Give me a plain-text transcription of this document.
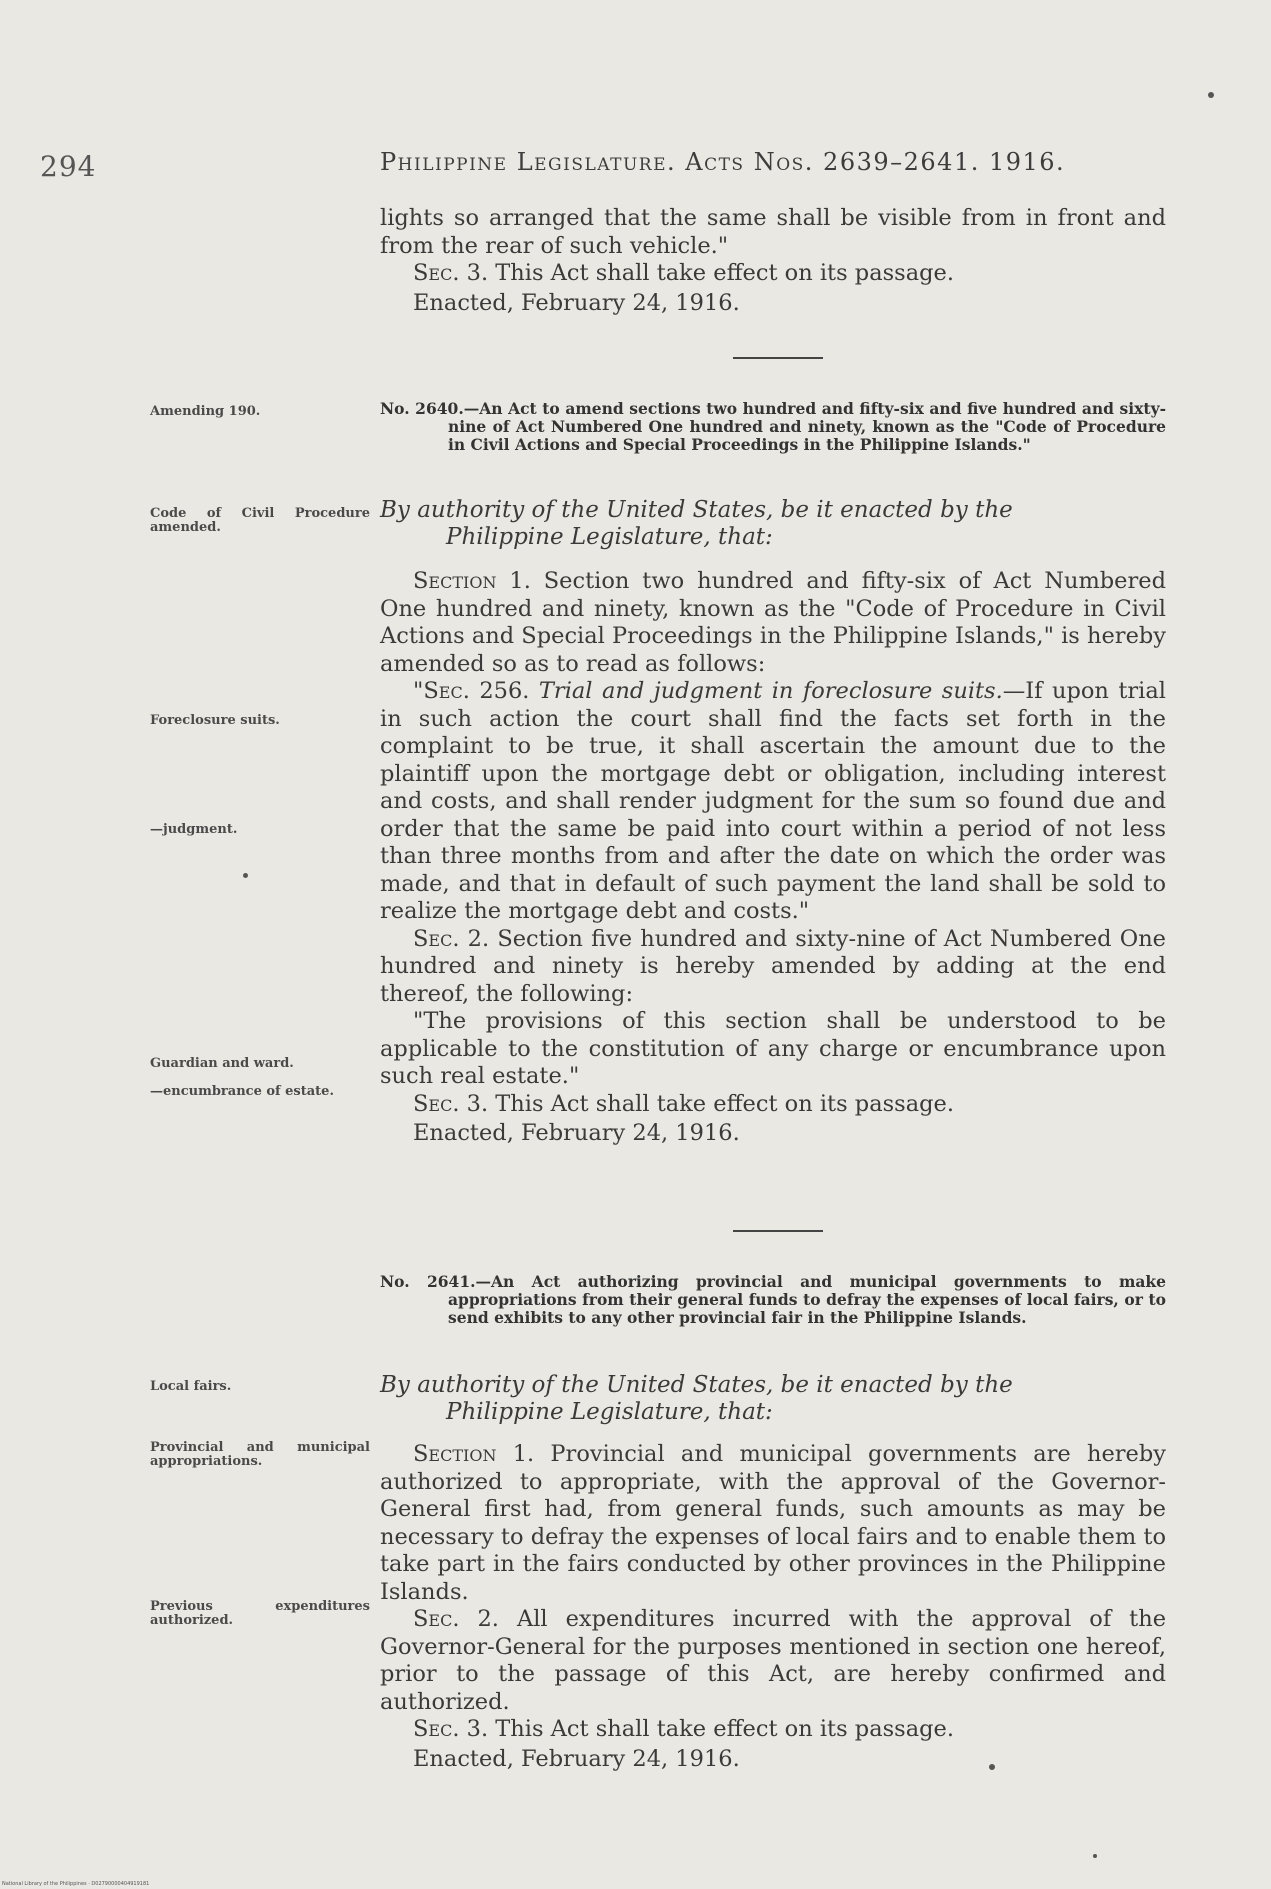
294	Philippine Legislature. Acts Nos. 2639–2641. 1916.

lights so arranged that the same shall be visible from in front and from the rear of such vehicle."

Sec. 3. This Act shall take effect on its passage.

Enacted, February 24, 1916.

Amending 190.	No. 2640.—An Act to amend sections two hundred and fifty-six and five hundred and sixty-nine of Act Numbered One hundred and ninety, known as the "Code of Procedure in Civil Actions and Special Proceedings in the Philippine Islands."
Code of Civil Procedure amended.
By authority of the United States, be it enacted by the
Philippine Legislature, that:

Section 1. Section two hundred and fifty-six of Act Numbered One hundred and ninety, known as the "Code of Procedure in Civil Actions and Special Proceedings in the Philippine Islands," is hereby amended so as to read as follows:

"Sec. 256. Trial and judgment in foreclosure suits.—If upon trial in such action the court shall find the facts set forth in the complaint to be true, it shall ascertain the amount due to the plaintiff upon the mortgage debt or obligation, including interest and costs, and shall render judgment for the sum so found due and order that the same be paid into court within a period of not less than three months from and after the date on which the order was made, and that in default of such payment the land shall be sold to realize the mortgage debt and costs."

Sec. 2. Section five hundred and sixty-nine of Act Numbered One hundred and ninety is hereby amended by adding at the end thereof, the following:

"The provisions of this section shall be understood to be applicable to the constitution of any charge or encumbrance upon such real estate."

Sec. 3. This Act shall take effect on its passage.

Enacted, February 24, 1916.

Foreclosure suits.
—judgment.
Guardian and ward.
—encumbrance of estate.
No. 2641.—An Act authorizing provincial and municipal governments to make appropriations from their general funds to defray the expenses of local fairs, or to send exhibits to any other provincial fair in the Philippine Islands.
Local fairs.	By authority of the United States, be it enacted by the
Philippine Legislature, that:
Provincial and municipal appropriations.
Previous expenditures authorized.

Section 1. Provincial and municipal governments are hereby authorized to appropriate, with the approval of the Governor-General first had, from general funds, such amounts as may be necessary to defray the expenses of local fairs and to enable them to take part in the fairs conducted by other provinces in the Philippine Islands.

Sec. 2. All expenditures incurred with the approval of the Governor-General for the purposes mentioned in section one hereof, prior to the passage of this Act, are hereby confirmed and authorized.

Sec. 3. This Act shall take effect on its passage.

Enacted, February 24, 1916.

National Library of the Philippines · D02790000404919181
